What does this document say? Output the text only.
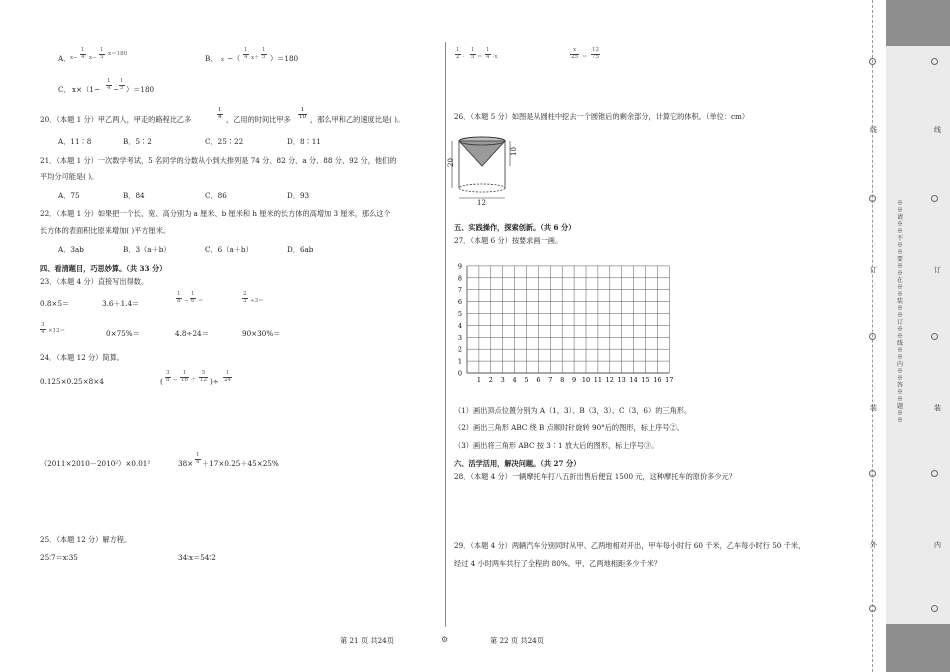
A． $x- \frac{1}{4} x- \frac{1}{5} x=180$	B． x −（ $\frac{1}{4} x+ \frac{1}{5} )=180$
C． $x\times(1- \frac{1}{4} - \frac{1}{5} )=180$
20．（本题 1 分）甲乙两人，甲走的路程比乙多	$\frac{1}{4}$ ，乙用的时间比甲多 $\frac{1}{10}$ ，那么甲和乙的速度比是( )。
A．11∶8	B．5∶2	C．25∶22	D．8∶11
21．（本题 1 分）一次数学考试，5 名同学的分数从小到大排列是 74 分、82 分、a 分、88 分、92 分，他们的
平均分可能是( )。
A．75	B．84	C．86	D．93
22．（本题 1 分）如果把一个长、宽、高分别为 a 厘米、b 厘米和 h 厘米的长方体的高增加 3 厘米，那么这个
长方体的表面积比原来增加( )平方厘米。
A．3ab	B．3（a＋b）	C．6（a＋b）	D．6ab
四、看清题目，巧思妙算。（共 33 分）
23．（本题 4 分）直接写出得数。
0.8×5＝	3.6＋1.4＝	$\frac{1}{8} - \frac{1}{6}$ ＝	$\frac{2}{3} \div 3=$
$\frac{3}{4} \times 12=$	0×75%＝	4.8÷24＝	90×30%＝
24．（本题 12 分）简算。
0.125×0.25×8×4	( $\frac{3}{8} - \frac{1}{16} + \frac{5}{12}$ )÷ $\frac{1}{24}$
（2011×2010－2010²）×0.01²	$38\times \frac{1}{4} +17\times 0.25+45\times 25\%$
25．（本题 12 分）解方程。
25∶7＝x∶35	34∶x＝54∶2
第 21 页 共24页	⚙
$\frac{1}{2}$ ∶ $\frac{1}{5} = \frac{1}{4}$ ∶x	$\frac{x}{25} = \frac{12}{75}$
26．（本题 5 分）如图是从圆柱中挖去一个圆锥后的剩余部分，计算它的体积。（单位：cm）
20
10
12
五、实践操作，探索创新。（共 6 分）
27．（本题 6 分）按要求画一画。
1 2 3 4 5 6 7 8 9 10 11 12 13 14 15 16 17
9
8
7
6
5
4
3
2
1
0
（1）画出顶点位置分别为 A（1，3）、B（3，3）、C（3，6）的三角形。
（2）画出三角形 ABC 绕 B 点顺时针旋转 90°后的图形，标上序号②。
（3）画出将三角形 ABC 按 3∶1 放大后的图形，标上序号③。
六、活学活用，解决问题。（共 27 分）
28．（本题 4 分）一辆摩托车打八五折出售后便宜 1500 元，这种摩托车的原价多少元？
29．（本题 4 分）两辆汽车分别同时从甲、乙两地相对开出，甲车每小时行 60 千米，乙车每小时行 50 千米，
经过 4 小时两车共行了全程的 80%。甲、乙两地相距多少千米？
第 22 页 共24页
线
订
装
外
线
订
装
内
※※请※※不※※要※※在※※装※※订※※线※※内※※答※※题※※
